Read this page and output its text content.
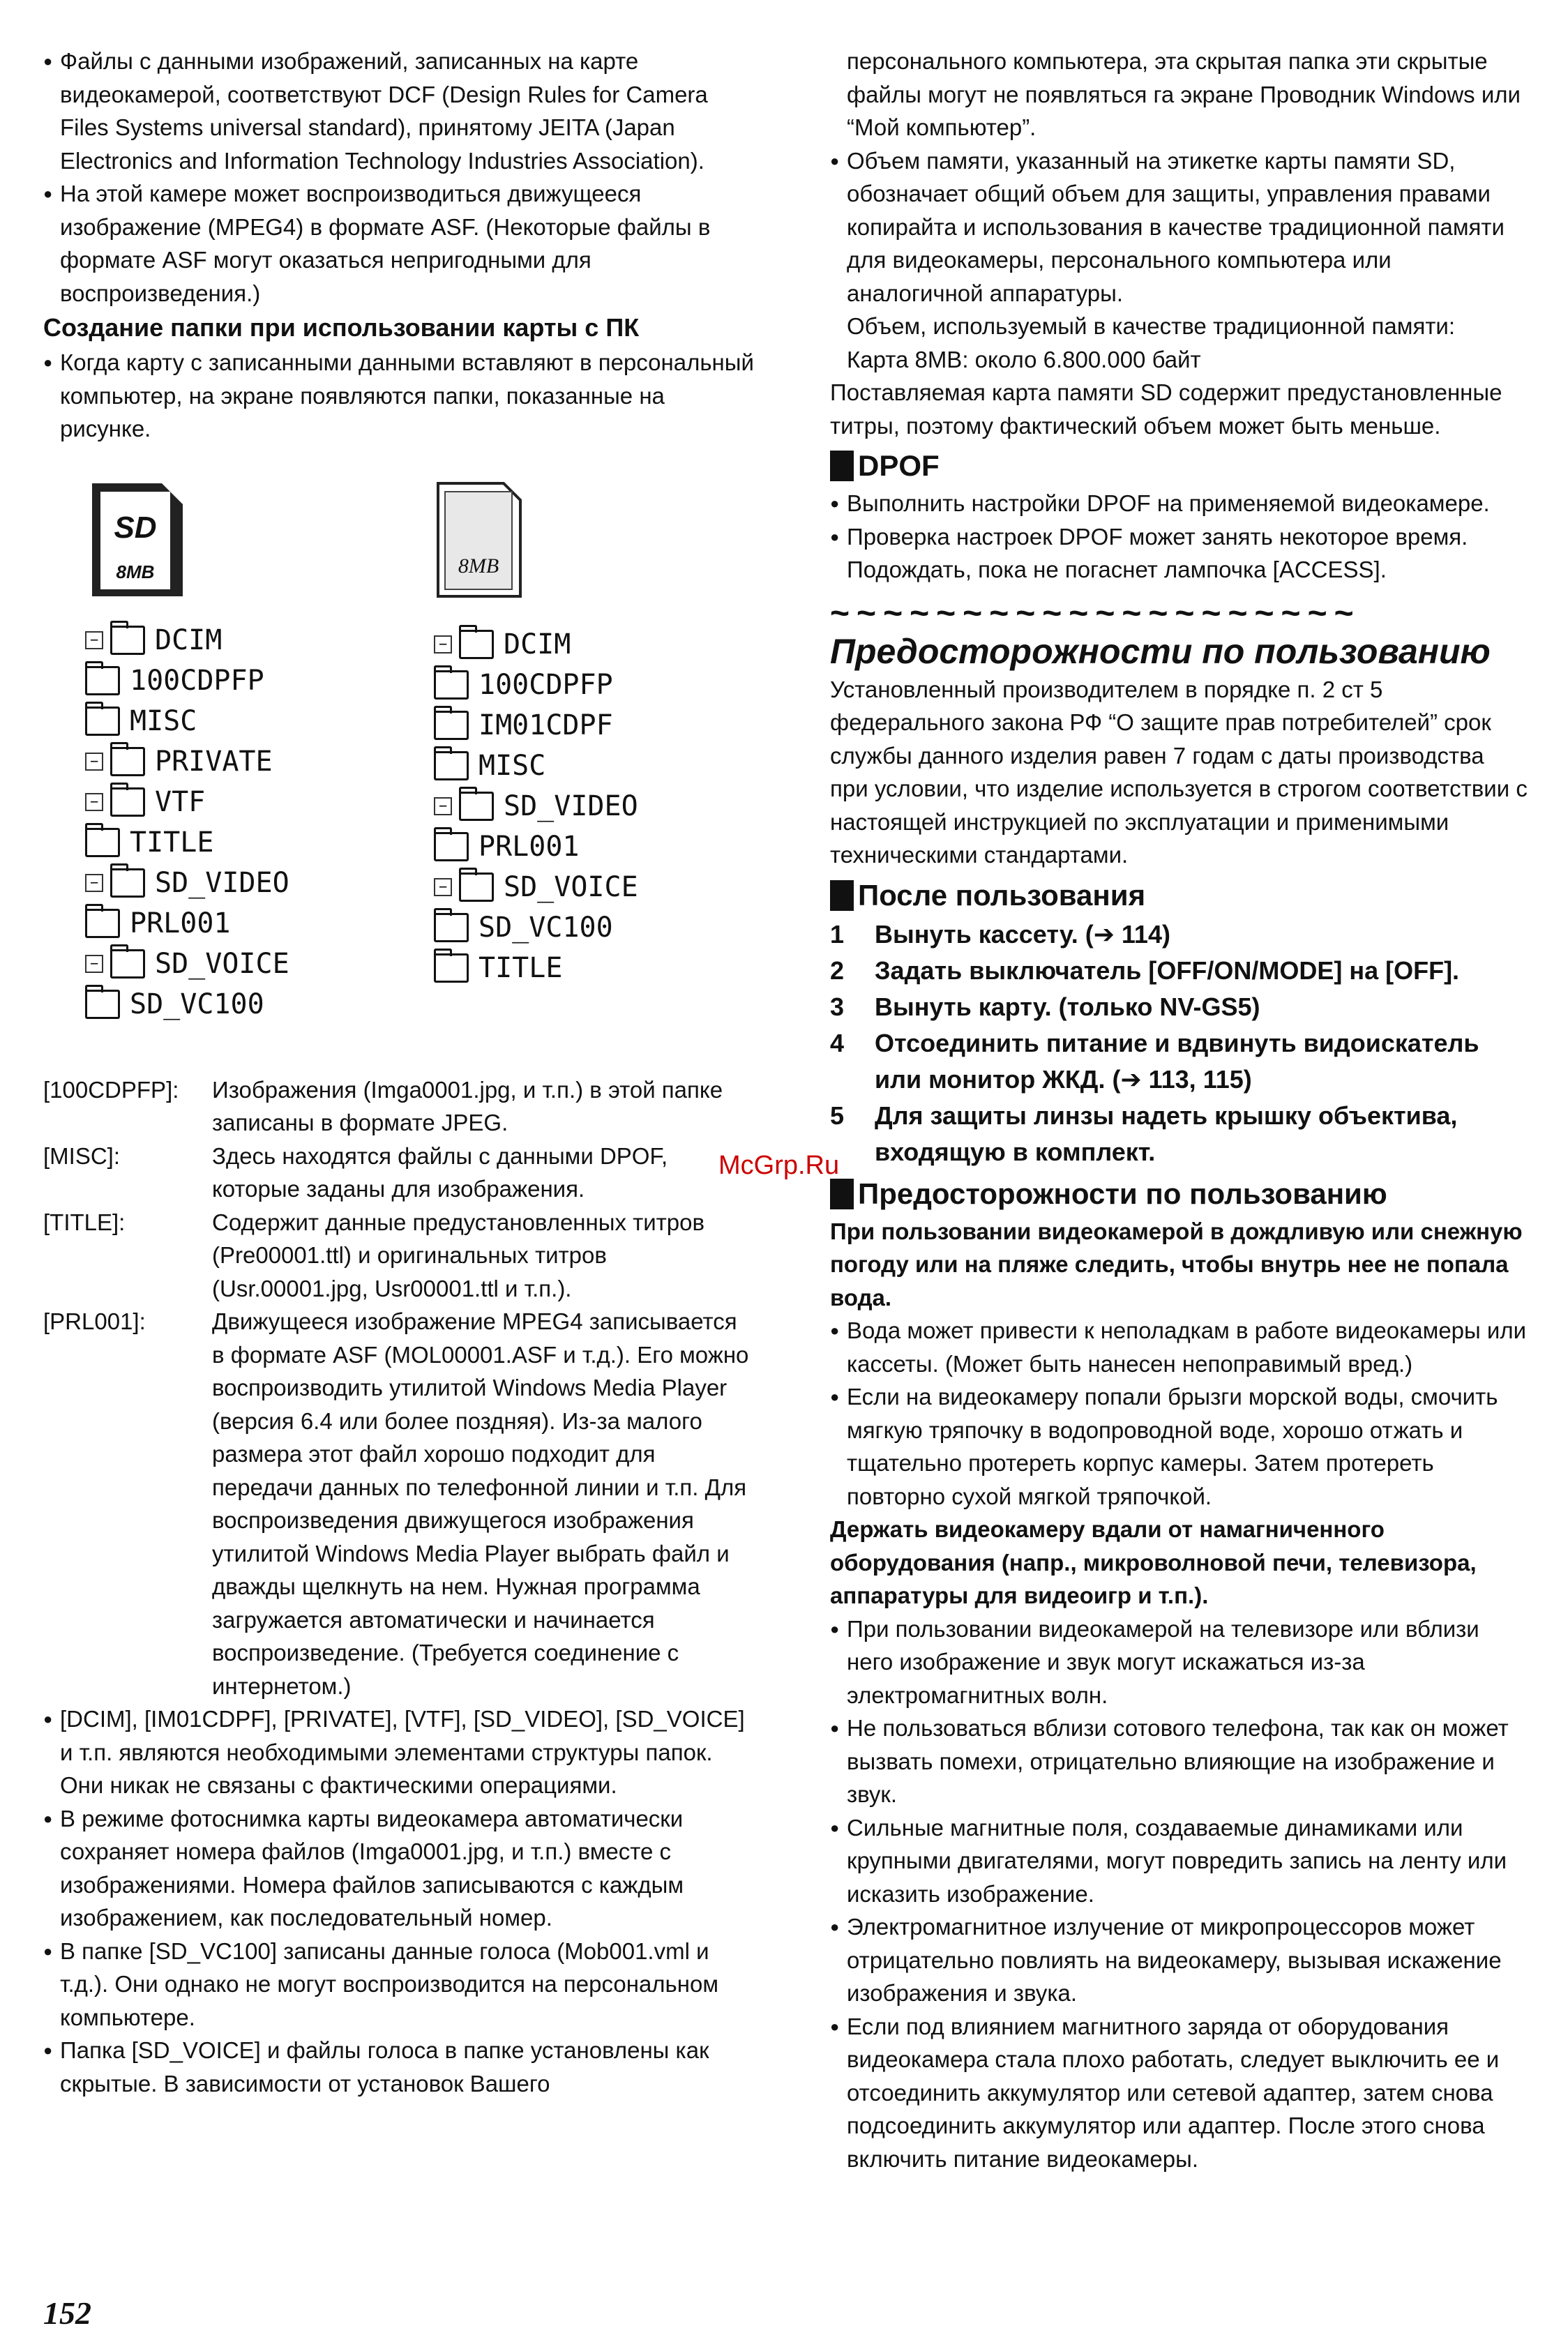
● Файлы с данными изображений, записанных на карте видеокамерой, соответствуют DCF (Design Rules for Camera Files Systems universal standard), принятому JEITA (Japan Electronics and Information Technology Industries Association).

● На этой камере может воспроизводиться движущееся изображение (MPEG4) в формате ASF. (Некоторые файлы в формате ASF могут оказаться непригодными для воспроизведения.)

Создание папки при использовании карты с ПК

● Когда карту с записанными данными вставляют в персональный компьютер, на экране появляются папки, показанные на рисунке.

SD
8MB	8MB
− DCIM
100CDPFP
MISC
− PRIVATE
− VTF
TITLE
− SD_VIDEO
PRL001
− SD_VOICE
SD_VC100
− DCIM
100CDPFP
IM01CDPF
MISC
− SD_VIDEO
PRL001
− SD_VOICE
SD_VC100
TITLE
[100CDPFP]:	Изображения (Imga0001.jpg, и т.п.) в этой папке записаны в формате JPEG.
[MISC]:	Здесь находятся файлы с данными DPOF, которые заданы для изображения.
[TITLE]:	Содержит данные предустановленных титров (Pre00001.ttl) и оригинальных титров (Usr.00001.jpg, Usr00001.ttl и т.п.).
[PRL001]:	Движущееся изображение MPEG4 записывается в формате ASF (MOL00001.ASF и т.д.). Его можно воспроизводить утилитой Windows Media Player (версия 6.4 или более поздняя). Из-за малого размера этот файл хорошо подходит для передачи данных по телефонной линии и т.п. Для воспроизведения движущегося изображения утилитой Windows Media Player выбрать файл и дважды щелкнуть на нем. Нужная программа загружается автоматически и начинается воспроизведение. (Требуется соединение с интернетом.)

● [DCIM], [IM01CDPF], [PRIVATE], [VTF], [SD_VIDEO], [SD_VOICE] и т.п. являются необходимыми элементами структуры папок. Они никак не связаны с фактическими операциями.

● В режиме фотоснимка карты видеокамера автоматически сохраняет номера файлов (Imga0001.jpg, и т.п.) вместе с изображениями. Номера файлов записываются с каждым изображением, как последовательный номер.

● В папке [SD_VC100] записаны данные голоса (Mob001.vml и т.д.). Они однако не могут воспроизводится на персональном компьютере.

● Папка [SD_VOICE] и файлы голоса в папке установлены как скрытые. В зависимости от установок Вашего

персонального компьютера, эта скрытая папка эти скрытые файлы могут не появляться га экране Проводник Windows или “Мой компьютер”.

● Объем памяти, указанный на этикетке карты памяти SD, обозначает общий объем для защиты, управления правами копирайта и использования в качестве традиционной памяти для видеокамеры, персонального компьютера или аналогичной аппаратуры.

Объем, используемый в качестве традиционной памяти:

Карта 8MB: около 6.800.000 байт

Поставляемая карта памяти SD содержит предустановленные титры, поэтому фактический объем может быть меньше.

DPOF

● Выполнить настройки DPOF на применяемой видеокамере.

● Проверка настроек DPOF может занять некоторое время. Подождать, пока не погаснет лампочка [ACCESS].

~~~~~~~~~~~~~~~~~~~~

Предосторожности по пользованию

Установленный производителем в порядке п. 2 ст 5 федерального закона РФ “О защите прав потребителей” срок службы данного изделия равен 7 годам с даты производства при условии, что изделие используется в строгом соответствии с настоящей инструкцией по эксплуатации и применимыми техническими стандартами.

После пользования
1	Вынуть кассету. (➔ 114)
2	Задать выключатель [OFF/ON/MODE] на [OFF].
3	Вынуть карту. (только NV-GS5)
4	Отсоединить питание и вдвинуть видоискатель или монитор ЖКД. (➔ 113, 115)
5	Для защиты линзы надеть крышку объектива, входящую в комплект.
Предосторожности по пользованию

При пользовании видеокамерой в дождливую или снежную погоду или на пляже следить, чтобы внутрь нее не попала вода.

● Вода может привести к неполадкам в работе видеокамеры или кассеты. (Может быть нанесен непоправимый вред.)

● Если на видеокамеру попали брызги морской воды, смочить мягкую тряпочку в водопроводной воде, хорошо отжать и тщательно протереть корпус камеры. Затем протереть повторно сухой мягкой тряпочкой.

Держать видеокамеру вдали от намагниченного оборудования (напр., микроволновой печи, телевизора, аппаратуры для видеоигр и т.п.).

● При пользовании видеокамерой на телевизоре или вблизи него изображение и звук могут искажаться из-за электромагнитных волн.

● Не пользоваться вблизи сотового телефона, так как он может вызвать помехи, отрицательно влияющие на изображение и звук.

● Сильные магнитные поля, создаваемые динамиками или крупными двигателями, могут повредить запись на ленту или исказить изображение.

● Электромагнитное излучение от микропроцессоров может отрицательно повлиять на видеокамеру, вызывая искажение изображения и звука.

● Если под влиянием магнитного заряда от оборудования видеокамера стала плохо работать, следует выключить ее и отсоединить аккумулятор или сетевой адаптер, затем снова подсоединить аккумулятор или адаптер. После этого снова включить питание видеокамеры.

McGrp.Ru
152
